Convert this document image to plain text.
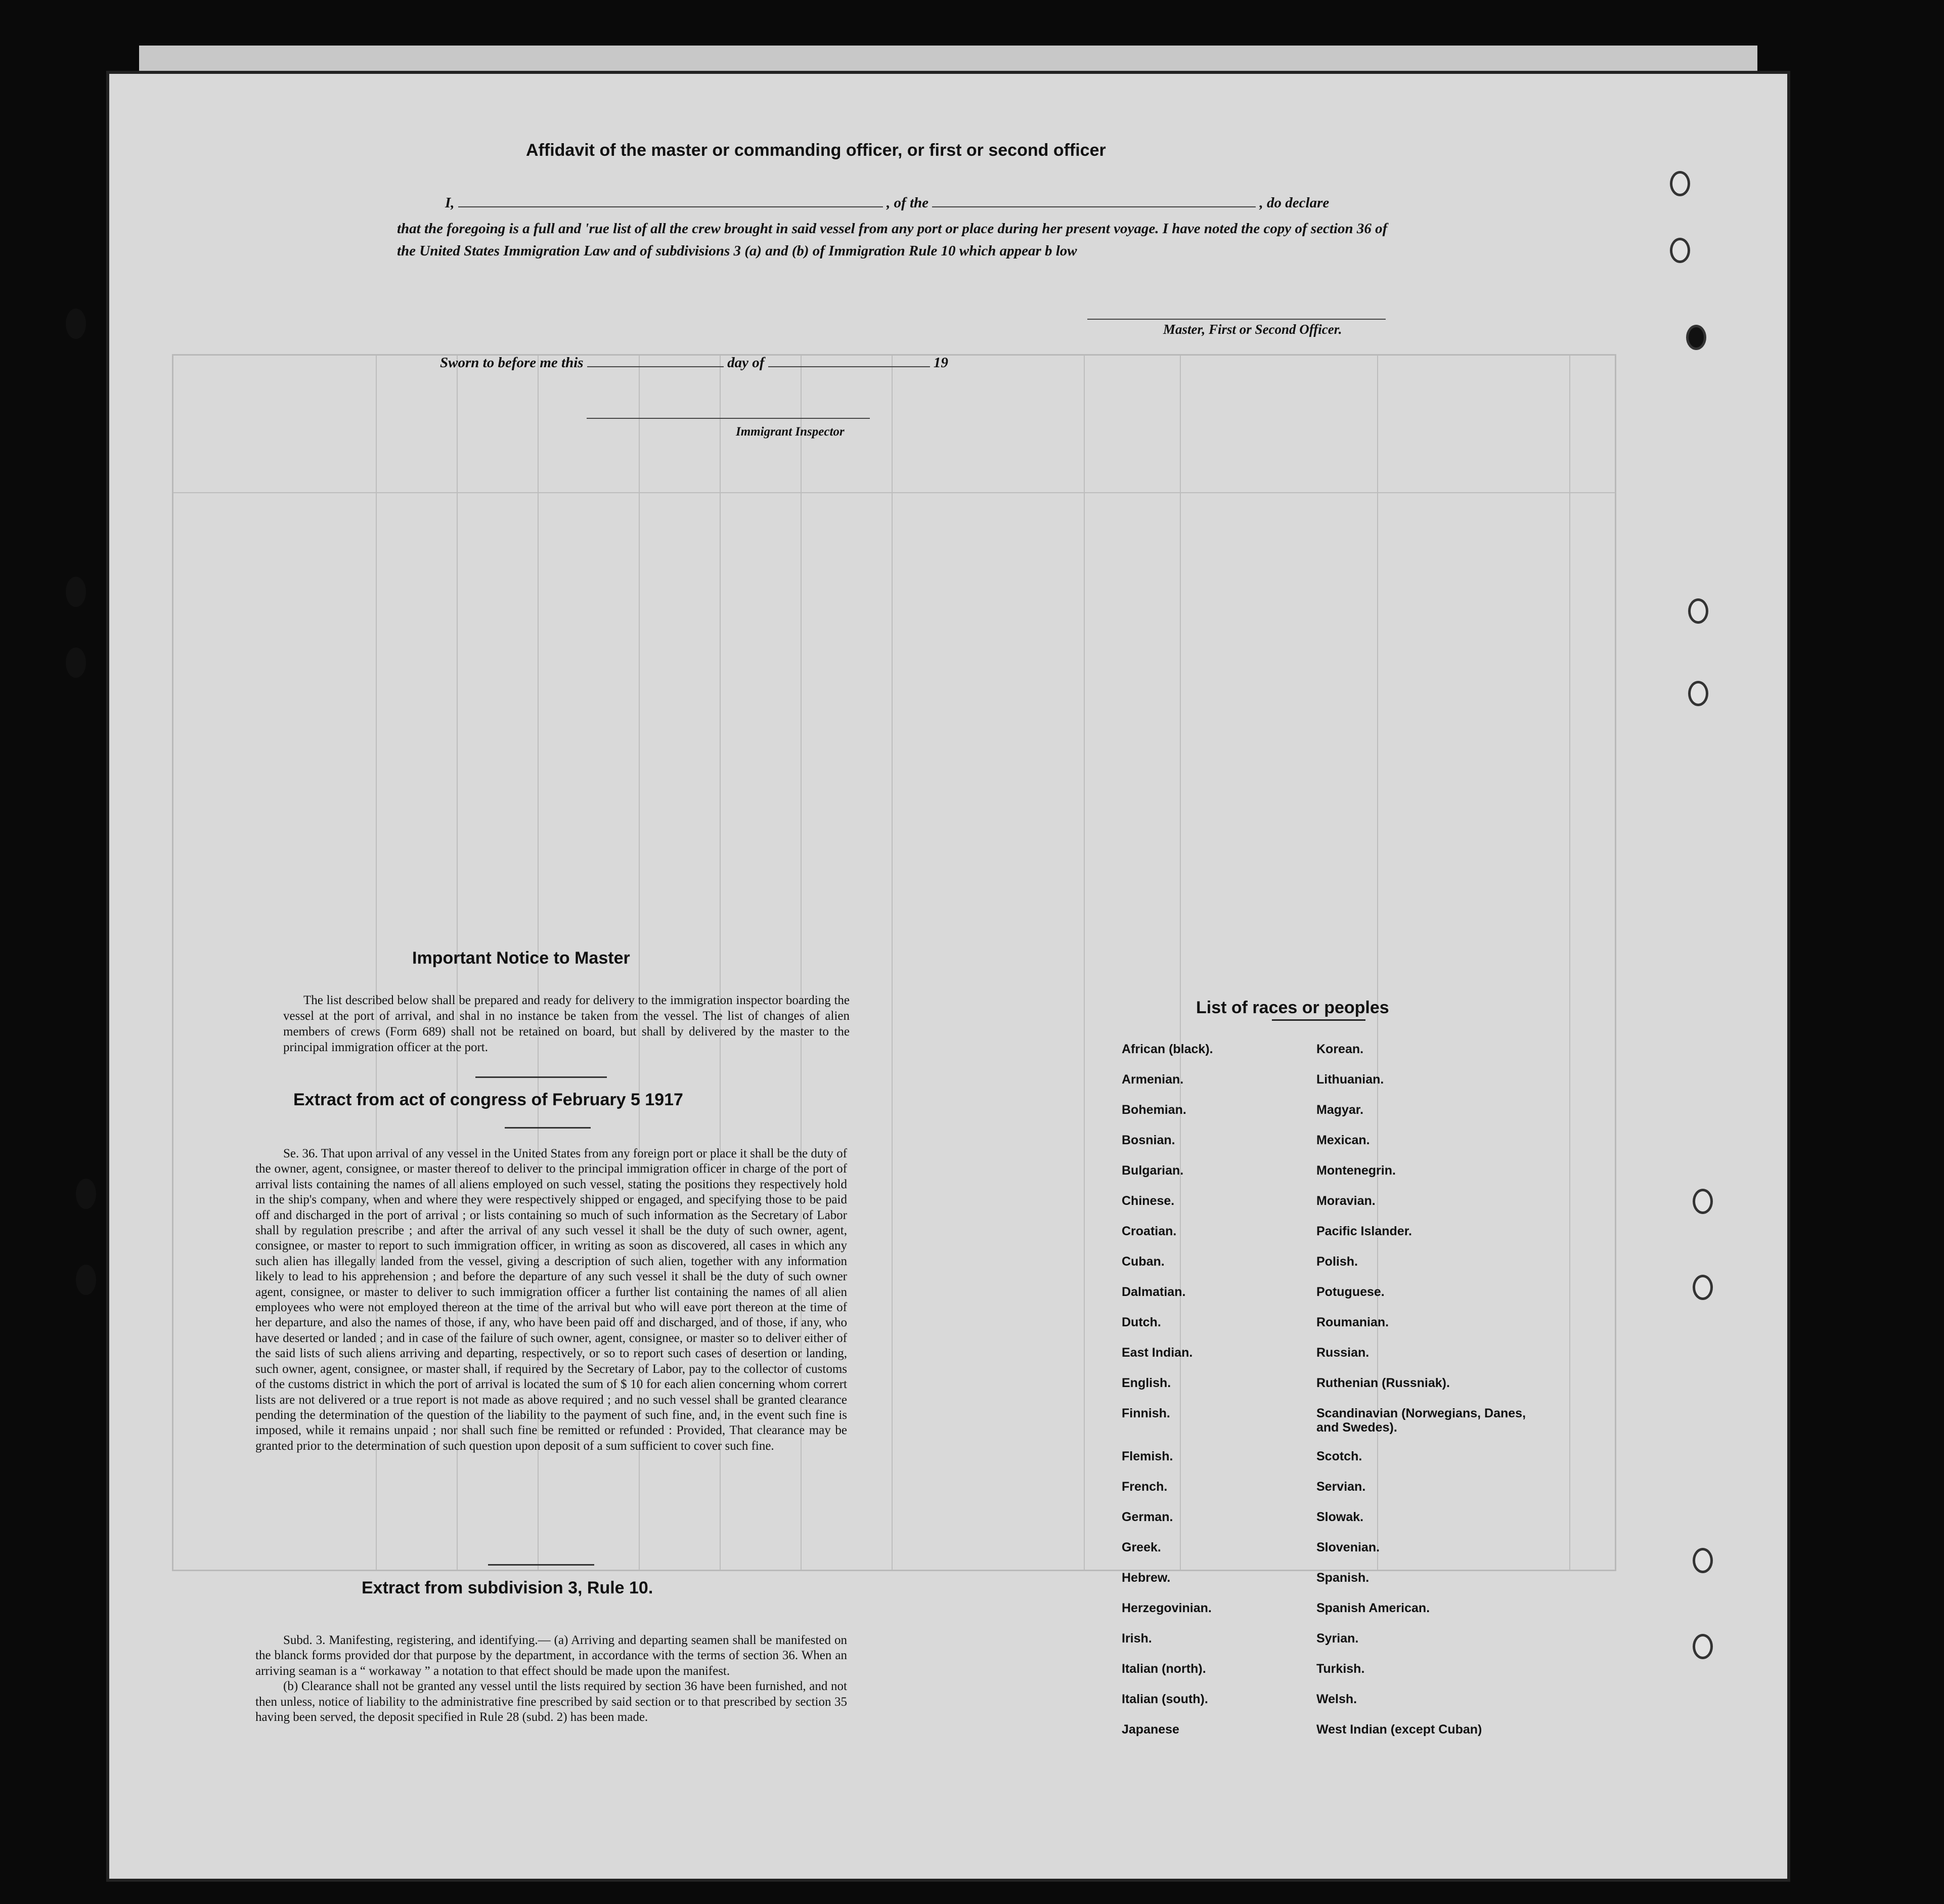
Affidavit of the master or commanding officer, or first or second officer
I,	, of the	, do declare
that the foregoing is a full and 'rue list of all the crew brought in said vessel from any port or place during her present voyage. I have noted the copy of section 36 of the United States Immigration Law and of subdivisions 3 (a) and (b) of Immigration Rule 10 which appear b low
Master, First or Second Officer.
Sworn to before me this	day of	19
Immigrant Inspector
Important Notice to Master
The list described below shall be prepared and ready for delivery to the immigration inspector boarding the vessel at the port of arrival, and shal in no instance be taken from the vessel. The list of changes of alien members of crews (Form 689) shall not be retained on board, but shall by delivered by the master to the principal immigration officer at the port.
Extract from act of congress of February 5 1917
Se. 36. That upon arrival of any vessel in the United States from any foreign port or place it shall be the duty of the owner, agent, consignee, or master thereof to deliver to the principal immigration officer in charge of the port of arrival lists containing the names of all aliens employed on such vessel, stating the positions they respectively hold in the ship's company, when and where they were respectively shipped or engaged, and specifying those to be paid off and discharged in the port of arrival ; or lists containing so much of such information as the Secretary of Labor shall by regulation prescribe ; and after the arrival of any such vessel it shall be the duty of such owner, agent, consignee, or master to report to such immigration officer, in writing as soon as discovered, all cases in which any such alien has illegally landed from the vessel, giving a description of such alien, together with any information likely to lead to his apprehension ; and before the departure of any such vessel it shall be the duty of such owner agent, consignee, or master to deliver to such immigration officer a further list containing the names of all alien employees who were not employed thereon at the time of the arrival but who will eave port thereon at the time of her departure, and also the names of those, if any, who have been paid off and discharged, and of those, if any, who have deserted or landed ; and in case of the failure of such owner, agent, consignee, or master so to deliver either of the said lists of such aliens arriving and departing, respectively, or so to report such cases of desertion or landing, such owner, agent, consignee, or master shall, if required by the Secretary of Labor, pay to the collector of customs of the customs district in which the port of arrival is located the sum of $ 10 for each alien concerning whom corrert lists are not delivered or a true report is not made as above required ; and no such vessel shall be granted clearance pending the determination of the question of the liability to the payment of such fine, and, in the event such fine is imposed, while it remains unpaid ; nor shall such fine be remitted or refunded : Provided, That clearance may be granted prior to the determination of such question upon deposit of a sum sufficient to cover such fine.
Extract from subdivision 3, Rule 10.

Subd. 3. Manifesting, registering, and identifying.— (a) Arriving and departing seamen shall be manifested on the blanck forms provided dor that purpose by the department, in accordance with the terms of section 36. When an arriving seaman is a “ workaway ” a notation to that effect should be made upon the manifest.

(b) Clearance shall not be granted any vessel until the lists required by section 36 have been furnished, and not then unless, notice of liability to the administrative fine prescribed by said section or to that prescribed by section 35 having been served, the deposit specified in Rule 28 (subd. 2) has been made.

List of races or peoples
African (black).	Korean.
Armenian.	Lithuanian.
Bohemian.	Magyar.
Bosnian.	Mexican.
Bulgarian.	Montenegrin.
Chinese.	Moravian.
Croatian.	Pacific Islander.
Cuban.	Polish.
Dalmatian.	Potuguese.
Dutch.	Roumanian.
East Indian.	Russian.
English.	Ruthenian (Russniak).
Finnish.	Scandinavian (Norwegians, Danes, and Swedes).
Flemish.	Scotch.
French.	Servian.
German.	Slowak.
Greek.	Slovenian.
Hebrew.	Spanish.
Herzegovinian.	Spanish American.
Irish.	Syrian.
Italian (north).	Turkish.
Italian (south).	Welsh.
Japanese	West Indian (except Cuban)
